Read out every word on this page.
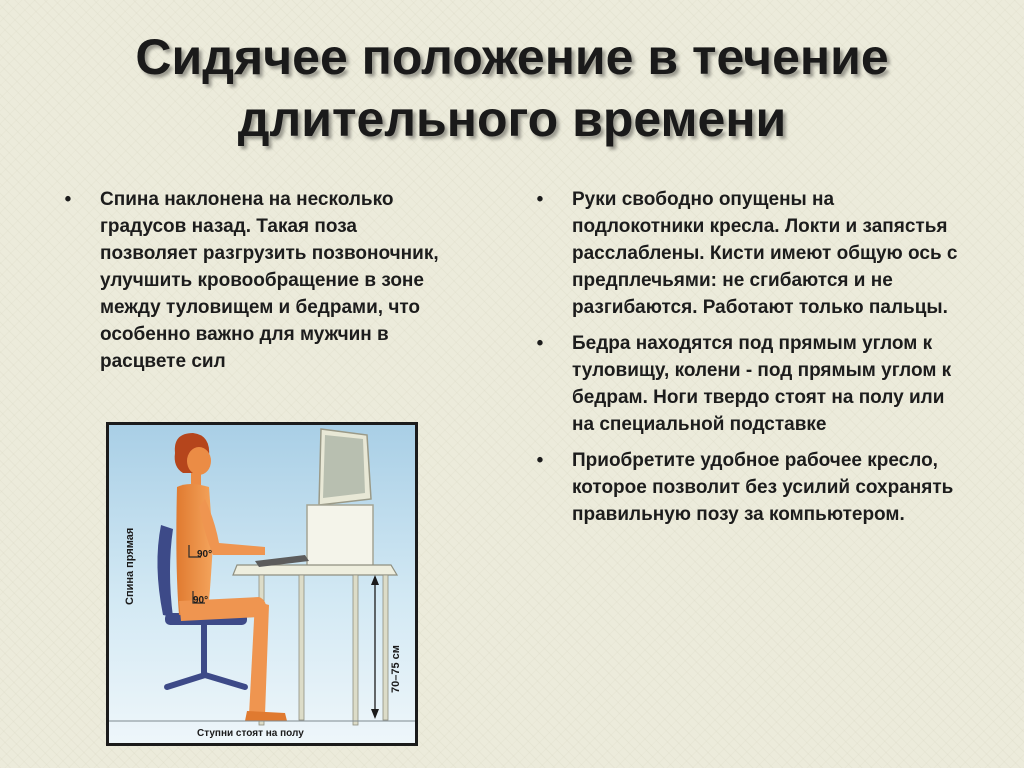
Сидячее положение в течение длительного времени
•	Спина наклонена на несколько градусов назад. Такая поза позволяет разгрузить позвоночник, улучшить кровообращение в зоне между туловищем и бедрами, что особенно важно для мужчин в расцвете сил
•	Руки свободно опущены на подлокотники кресла. Локти и запястья расслаблены. Кисти имеют общую ось с предплечьями: не сгибаются и не разгибаются. Работают только пальцы.
•	Бедра находятся под прямым углом к туловищу, колени - под прямым углом к бедрам. Ноги твердо стоят на полу или на специальной подставке
•	Приобретите удобное рабочее кресло, которое позволит без усилий сохранять правильную позу за компьютером.
90°
90°
Спина прямая
70–75 см
Ступни стоят на полу
